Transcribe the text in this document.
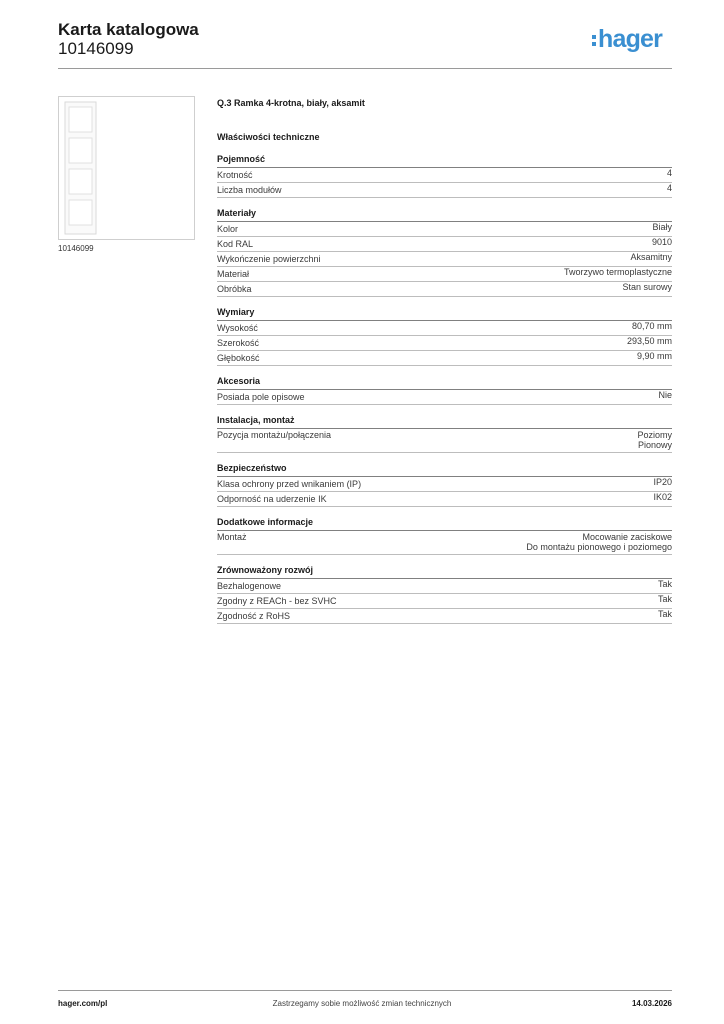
Karta katalogowa
10146099	hager
10146099
Q.3 Ramka 4-krotna, biały, aksamit
Właściwości techniczne
Pojemność
Krotność	4
Liczba modułów	4
Materiały
Kolor	Biały
Kod RAL	9010
Wykończenie powierzchni	Aksamitny
Materiał	Tworzywo termoplastyczne
Obróbka	Stan surowy
Wymiary
Wysokość	80,70 mm
Szerokość	293,50 mm
Głębokość	9,90 mm
Akcesoria
Posiada pole opisowe	Nie
Instalacja, montaż
Pozycja montażu/połączenia	Poziomy
Pionowy
Bezpieczeństwo
Klasa ochrony przed wnikaniem (IP)	IP20
Odporność na uderzenie IK	IK02
Dodatkowe informacje
Montaż	Mocowanie zaciskowe
Do montażu pionowego i poziomego
Zrównoważony rozwój
Bezhalogenowe	Tak
Zgodny z REACh - bez SVHC	Tak
Zgodność z RoHS	Tak
hager.com/pl	Zastrzegamy sobie możliwość zmian technicznych	14.03.2026
